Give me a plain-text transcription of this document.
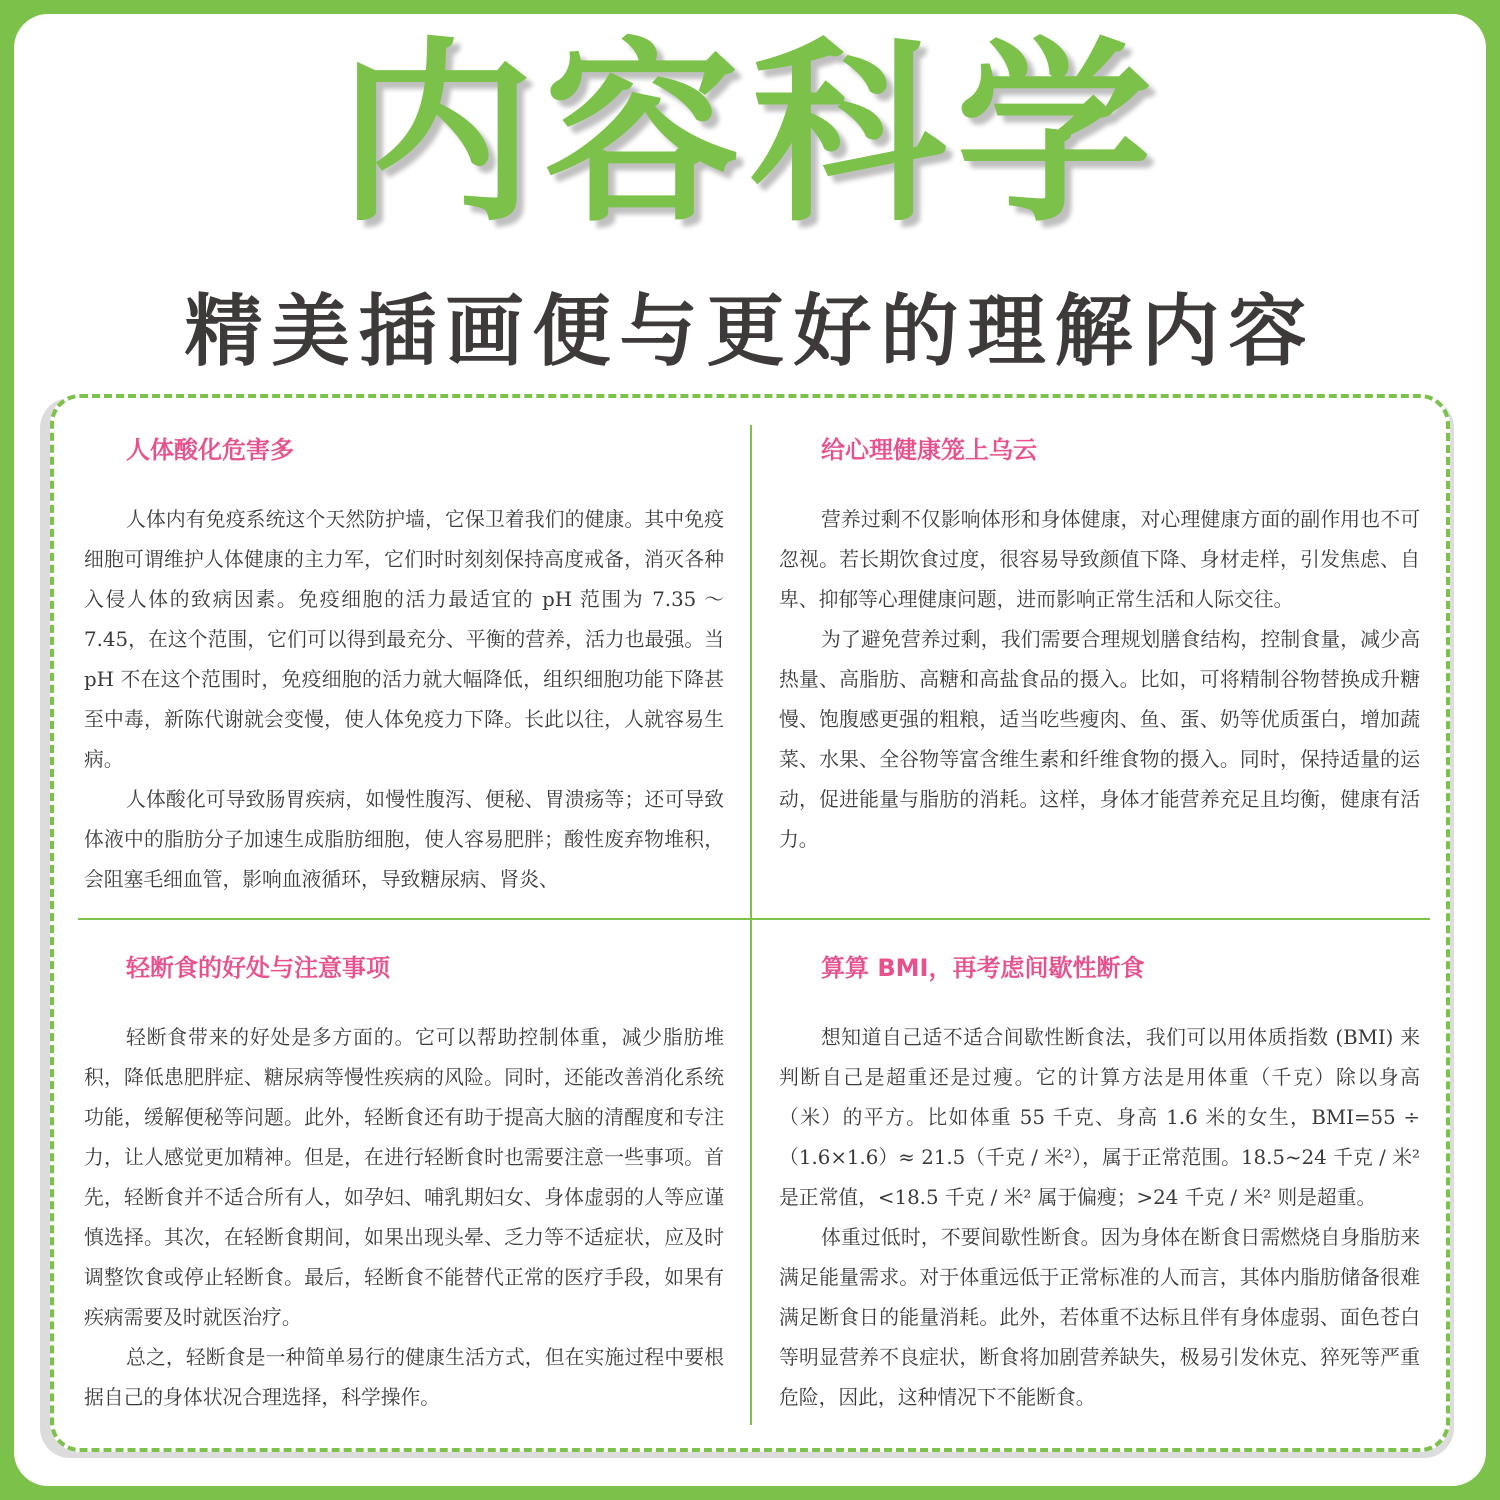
内容科学
精美插画便与更好的理解内容
人体酸化危害多

人体内有免疫系统这个天然防护墙，它保卫着我们的健康。其中免疫细胞可谓维护人体健康的主力军，它们时时刻刻保持高度戒备，消灭各种入侵人体的致病因素。免疫细胞的活力最适宜的 pH 范围为 7.35 ～ 7.45，在这个范围，它们可以得到最充分、平衡的营养，活力也最强。当 pH 不在这个范围时，免疫细胞的活力就大幅降低，组织细胞功能下降甚至中毒，新陈代谢就会变慢，使人体免疫力下降。长此以往，人就容易生病。

人体酸化可导致肠胃疾病，如慢性腹泻、便秘、胃溃疡等；还可导致体液中的脂肪分子加速生成脂肪细胞，使人容易肥胖；酸性废弃物堆积，会阻塞毛细血管，影响血液循环，导致糖尿病、肾炎、

给心理健康笼上乌云

营养过剩不仅影响体形和身体健康，对心理健康方面的副作用也不可忽视。若长期饮食过度，很容易导致颜值下降、身材走样，引发焦虑、自卑、抑郁等心理健康问题，进而影响正常生活和人际交往。

为了避免营养过剩，我们需要合理规划膳食结构，控制食量，减少高热量、高脂肪、高糖和高盐食品的摄入。比如，可将精制谷物替换成升糖慢、饱腹感更强的粗粮，适当吃些瘦肉、鱼、蛋、奶等优质蛋白，增加蔬菜、水果、全谷物等富含维生素和纤维食物的摄入。同时，保持适量的运动，促进能量与脂肪的消耗。这样，身体才能营养充足且均衡，健康有活力。

轻断食的好处与注意事项

轻断食带来的好处是多方面的。它可以帮助控制体重，减少脂肪堆积，降低患肥胖症、糖尿病等慢性疾病的风险。同时，还能改善消化系统功能，缓解便秘等问题。此外，轻断食还有助于提高大脑的清醒度和专注力，让人感觉更加精神。但是，在进行轻断食时也需要注意一些事项。首先，轻断食并不适合所有人，如孕妇、哺乳期妇女、身体虚弱的人等应谨慎选择。其次，在轻断食期间，如果出现头晕、乏力等不适症状，应及时调整饮食或停止轻断食。最后，轻断食不能替代正常的医疗手段，如果有疾病需要及时就医治疗。

总之，轻断食是一种简单易行的健康生活方式，但在实施过程中要根据自己的身体状况合理选择，科学操作。

算算 BMI，再考虑间歇性断食

想知道自己适不适合间歇性断食法，我们可以用体质指数 (BMI) 来判断自己是超重还是过瘦。它的计算方法是用体重（千克）除以身高（米）的平方。比如体重 55 千克、身高 1.6 米的女生，BMI=55 ÷（1.6×1.6）≈ 21.5（千克 / 米²），属于正常范围。18.5~24 千克 / 米² 是正常值，<18.5 千克 / 米² 属于偏瘦；>24 千克 / 米² 则是超重。

体重过低时，不要间歇性断食。因为身体在断食日需燃烧自身脂肪来满足能量需求。对于体重远低于正常标准的人而言，其体内脂肪储备很难满足断食日的能量消耗。此外，若体重不达标且伴有身体虚弱、面色苍白等明显营养不良症状，断食将加剧营养缺失，极易引发休克、猝死等严重危险，因此，这种情况下不能断食。
